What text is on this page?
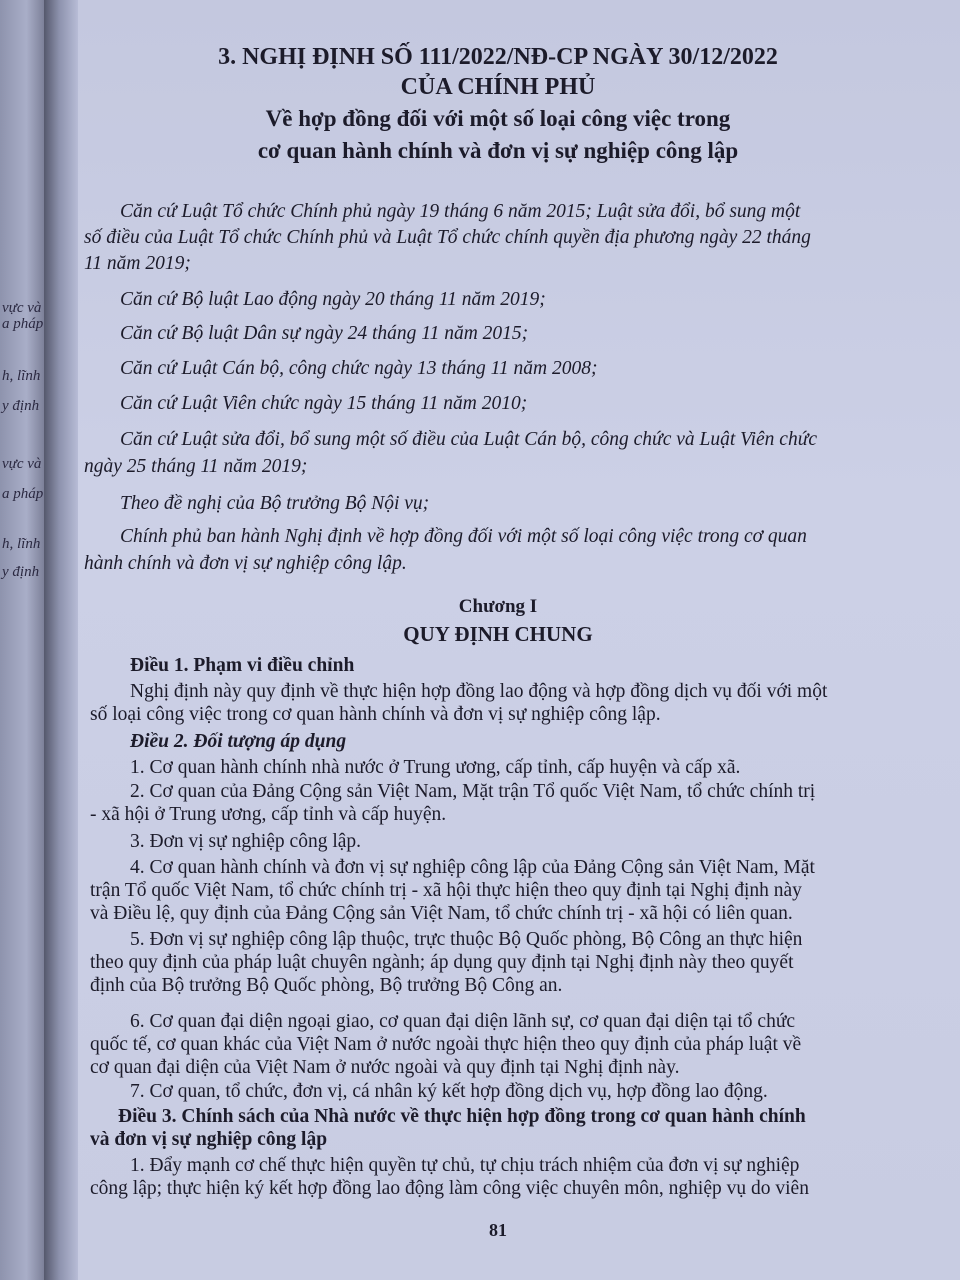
vực và
a pháp
h, lĩnh
y định
vực và
a pháp
h, lĩnh
y định
3. NGHỊ ĐỊNH SỐ 111/2022/NĐ-CP NGÀY 30/12/2022
CỦA CHÍNH PHỦ
Về hợp đồng đối với một số loại công việc trong
cơ quan hành chính và đơn vị sự nghiệp công lập
Căn cứ Luật Tổ chức Chính phủ ngày 19 tháng 6 năm 2015; Luật sửa đổi, bổ sung một
số điều của Luật Tổ chức Chính phủ và Luật Tổ chức chính quyền địa phương ngày 22 tháng
11 năm 2019;
Căn cứ Bộ luật Lao động ngày 20 tháng 11 năm 2019;
Căn cứ Bộ luật Dân sự ngày 24 tháng 11 năm 2015;
Căn cứ Luật Cán bộ, công chức ngày 13 tháng 11 năm 2008;
Căn cứ Luật Viên chức ngày 15 tháng 11 năm 2010;
Căn cứ Luật sửa đổi, bổ sung một số điều của Luật Cán bộ, công chức và Luật Viên chức
ngày 25 tháng 11 năm 2019;
Theo đề nghị của Bộ trưởng Bộ Nội vụ;
Chính phủ ban hành Nghị định về hợp đồng đối với một số loại công việc trong cơ quan
hành chính và đơn vị sự nghiệp công lập.
Chương I
QUY ĐỊNH CHUNG
Điều 1. Phạm vi điều chỉnh
Nghị định này quy định về thực hiện hợp đồng lao động và hợp đồng dịch vụ đối với một
số loại công việc trong cơ quan hành chính và đơn vị sự nghiệp công lập.
Điều 2. Đối tượng áp dụng
1. Cơ quan hành chính nhà nước ở Trung ương, cấp tỉnh, cấp huyện và cấp xã.
2. Cơ quan của Đảng Cộng sản Việt Nam, Mặt trận Tổ quốc Việt Nam, tổ chức chính trị
- xã hội ở Trung ương, cấp tỉnh và cấp huyện.
3. Đơn vị sự nghiệp công lập.
4. Cơ quan hành chính và đơn vị sự nghiệp công lập của Đảng Cộng sản Việt Nam, Mặt
trận Tổ quốc Việt Nam, tổ chức chính trị - xã hội thực hiện theo quy định tại Nghị định này
và Điều lệ, quy định của Đảng Cộng sản Việt Nam, tổ chức chính trị - xã hội có liên quan.
5. Đơn vị sự nghiệp công lập thuộc, trực thuộc Bộ Quốc phòng, Bộ Công an thực hiện
theo quy định của pháp luật chuyên ngành; áp dụng quy định tại Nghị định này theo quyết
định của Bộ trưởng Bộ Quốc phòng, Bộ trưởng Bộ Công an.
6. Cơ quan đại diện ngoại giao, cơ quan đại diện lãnh sự, cơ quan đại diện tại tổ chức
quốc tế, cơ quan khác của Việt Nam ở nước ngoài thực hiện theo quy định của pháp luật về
cơ quan đại diện của Việt Nam ở nước ngoài và quy định tại Nghị định này.
7. Cơ quan, tổ chức, đơn vị, cá nhân ký kết hợp đồng dịch vụ, hợp đồng lao động.
Điều 3. Chính sách của Nhà nước về thực hiện hợp đồng trong cơ quan hành chính
và đơn vị sự nghiệp công lập
1. Đẩy mạnh cơ chế thực hiện quyền tự chủ, tự chịu trách nhiệm của đơn vị sự nghiệp
công lập; thực hiện ký kết hợp đồng lao động làm công việc chuyên môn, nghiệp vụ do viên
81
